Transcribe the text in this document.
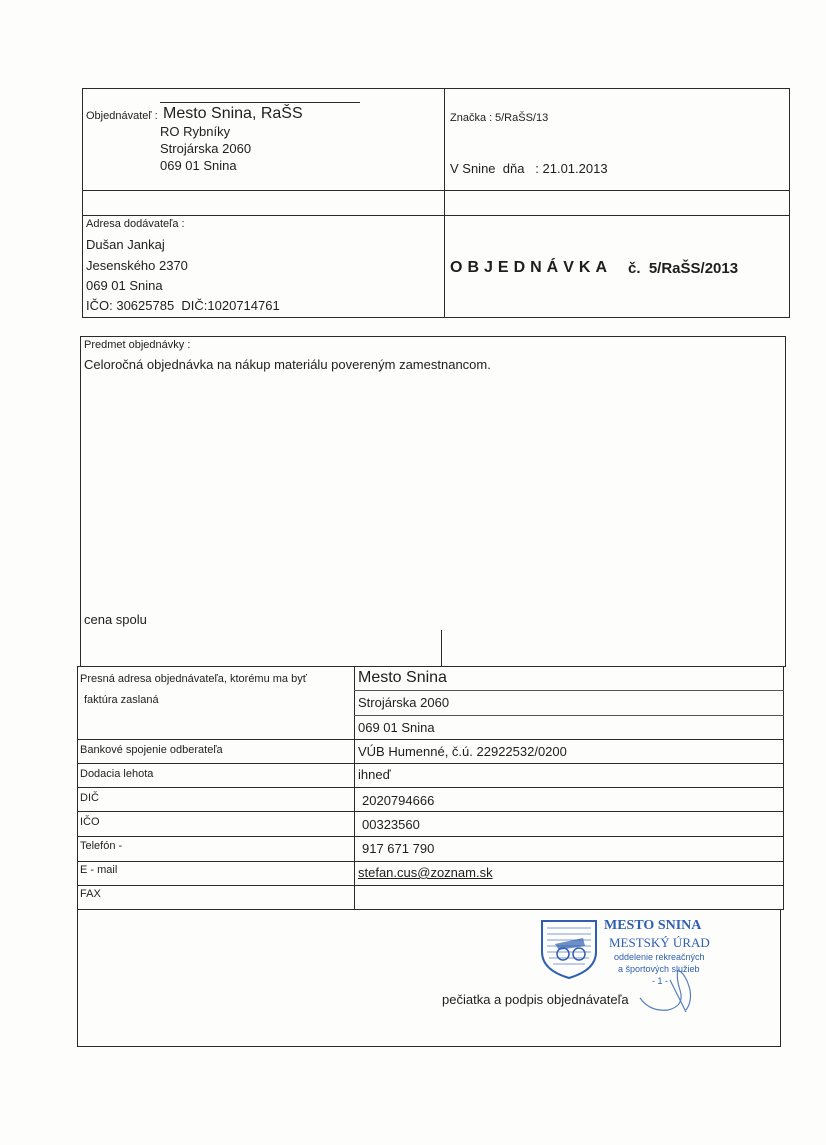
Objednávateľ : Mesto Snina, RaŠS
RO Rybníky
Strojárska 2060
069 01 Snina
Značka : 5/RaŠS/13
V Snine  dňa   : 21.01.2013
Adresa dodávateľa :
Dušan Jankaj
Jesenského 2370
069 01 Snina
IČO: 30625785  DIČ:1020714761
OBJEDNÁVKA č.  5/RaŠS/2013
Predmet objednávky :
Celoročná objednávka na nákup materiálu povereným zamestnancom.
cena spolu
Presná adresa objednávateľa, ktorému ma byť
faktúra zaslaná
Mesto Snina
Strojárska 2060
069 01 Snina
Bankové spojenie odberateľa	VÚB Humenné, č.ú. 22922532/0200
Dodacia lehota	ihneď
DIČ	2020794666
IČO	00323560
Telefón -	917 671 790
E - mail	stefan.cus@zoznam.sk
FAX
pečiatka a podpis objednávateľa
MESTO SNINA
MESTSKÝ ÚRAD
oddelenie rekreačných
a športových služieb
- 1 -
